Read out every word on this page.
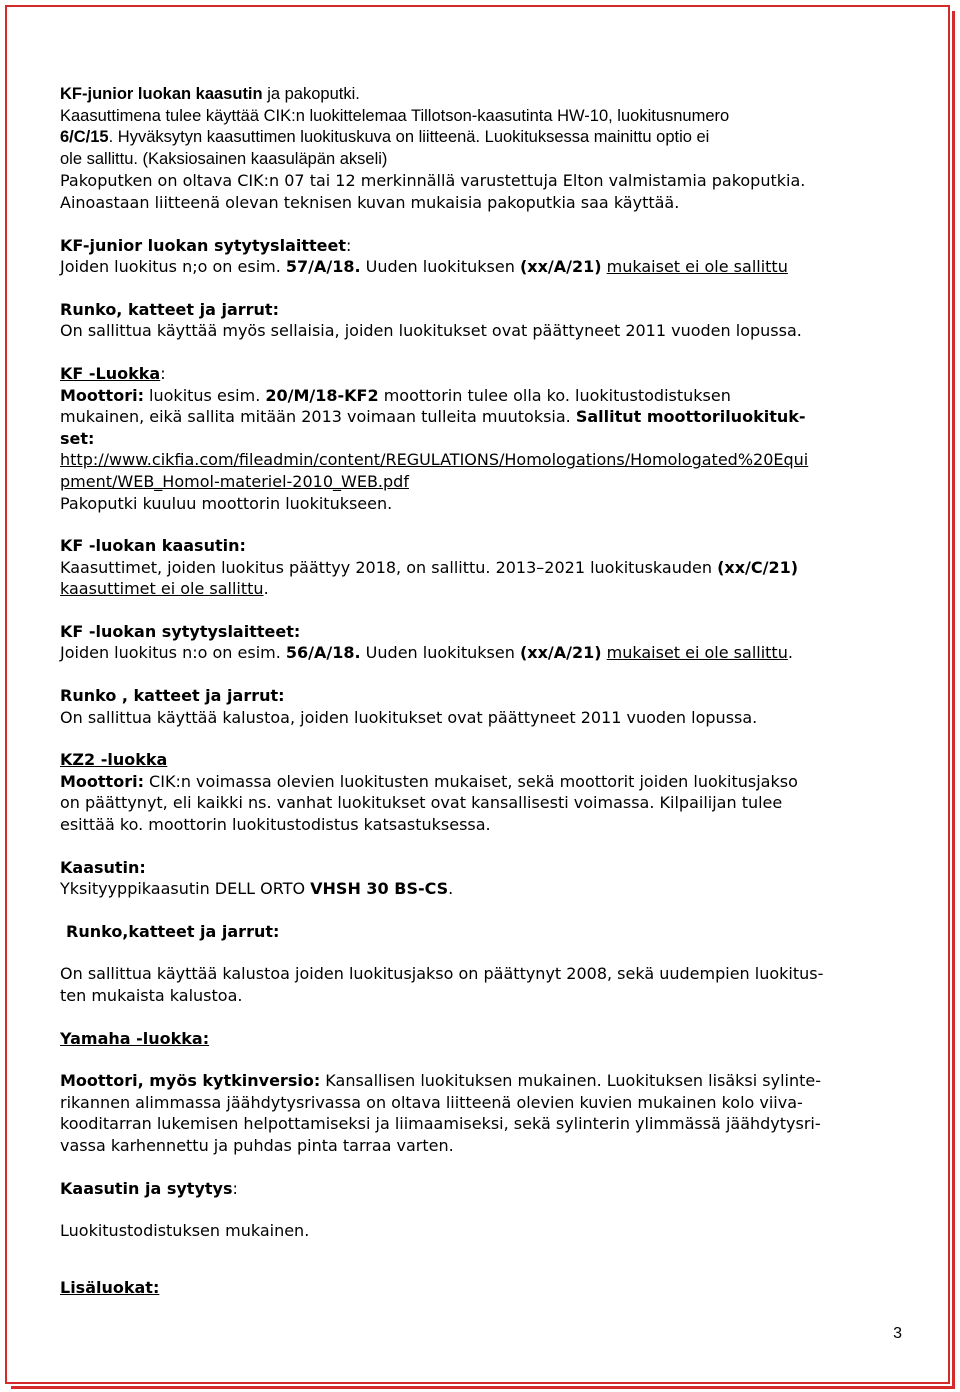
KF-junior luokan kaasutin ja pakoputki.

Kaasuttimena tulee käyttää CIK:n luokittelemaa Tillotson-kaasutinta HW-10, luokitusnumero

6/C/15. Hyväksytyn kaasuttimen luokituskuva on liitteenä. Luokituksessa mainittu optio ei

ole sallittu. (Kaksiosainen kaasuläpän akseli)

Pakoputken on oltava CIK:n 07 tai 12 merkinnällä varustettuja Elton valmistamia pakoputkia.

Ainoastaan liitteenä olevan teknisen kuvan mukaisia pakoputkia saa käyttää.

KF-junior luokan sytytyslaitteet:

Joiden luokitus n;o on esim. 57/A/18. Uuden luokituksen (xx/A/21) mukaiset ei ole sallittu

Runko, katteet ja jarrut:

On sallittua käyttää myös sellaisia, joiden luokitukset ovat päättyneet 2011 vuoden lopussa.

KF -Luokka:

Moottori: luokitus esim. 20/M/18-KF2 moottorin tulee olla ko. luokitustodistuksen

mukainen, eikä sallita mitään 2013 voimaan tulleita muutoksia. Sallitut moottoriluokituk-

set:

http://www.cikfia.com/fileadmin/content/REGULATIONS/Homologations/Homologated%20Equi
pment/WEB_Homol-materiel-2010_WEB.pdf

Pakoputki kuuluu moottorin luokitukseen.

KF -luokan kaasutin:

Kaasuttimet, joiden luokitus päättyy 2018, on sallittu. 2013–2021 luokituskauden (xx/C/21)

kaasuttimet ei ole sallittu.

KF -luokan sytytyslaitteet:

Joiden luokitus n:o on esim. 56/A/18. Uuden luokituksen (xx/A/21) mukaiset ei ole sallittu.

Runko , katteet ja jarrut:

On sallittua käyttää kalustoa, joiden luokitukset ovat päättyneet 2011 vuoden lopussa.

KZ2 -luokka

Moottori: CIK:n voimassa olevien luokitusten mukaiset, sekä moottorit joiden luokitusjakso

on päättynyt, eli kaikki ns. vanhat luokitukset ovat kansallisesti voimassa. Kilpailijan tulee

esittää ko. moottorin luokitustodistus katsastuksessa.

Kaasutin:

Yksityyppikaasutin DELL ORTO VHSH 30 BS-CS.

Runko,katteet ja jarrut:

On sallittua käyttää kalustoa joiden luokitusjakso on päättynyt 2008, sekä uudempien luokitus-

ten mukaista kalustoa.

Yamaha -luokka:

Moottori, myös kytkinversio: Kansallisen luokituksen mukainen. Luokituksen lisäksi sylinte-

rikannen alimmassa jäähdytysrivassa on oltava liitteenä olevien kuvien mukainen kolo viiva-

kooditarran lukemisen helpottamiseksi ja liimaamiseksi, sekä sylinterin ylimmässä jäähdytysri-

vassa karhennettu ja puhdas pinta tarraa varten.

Kaasutin ja sytytys:

Luokitustodistuksen mukainen.

Lisäluokat:

3
